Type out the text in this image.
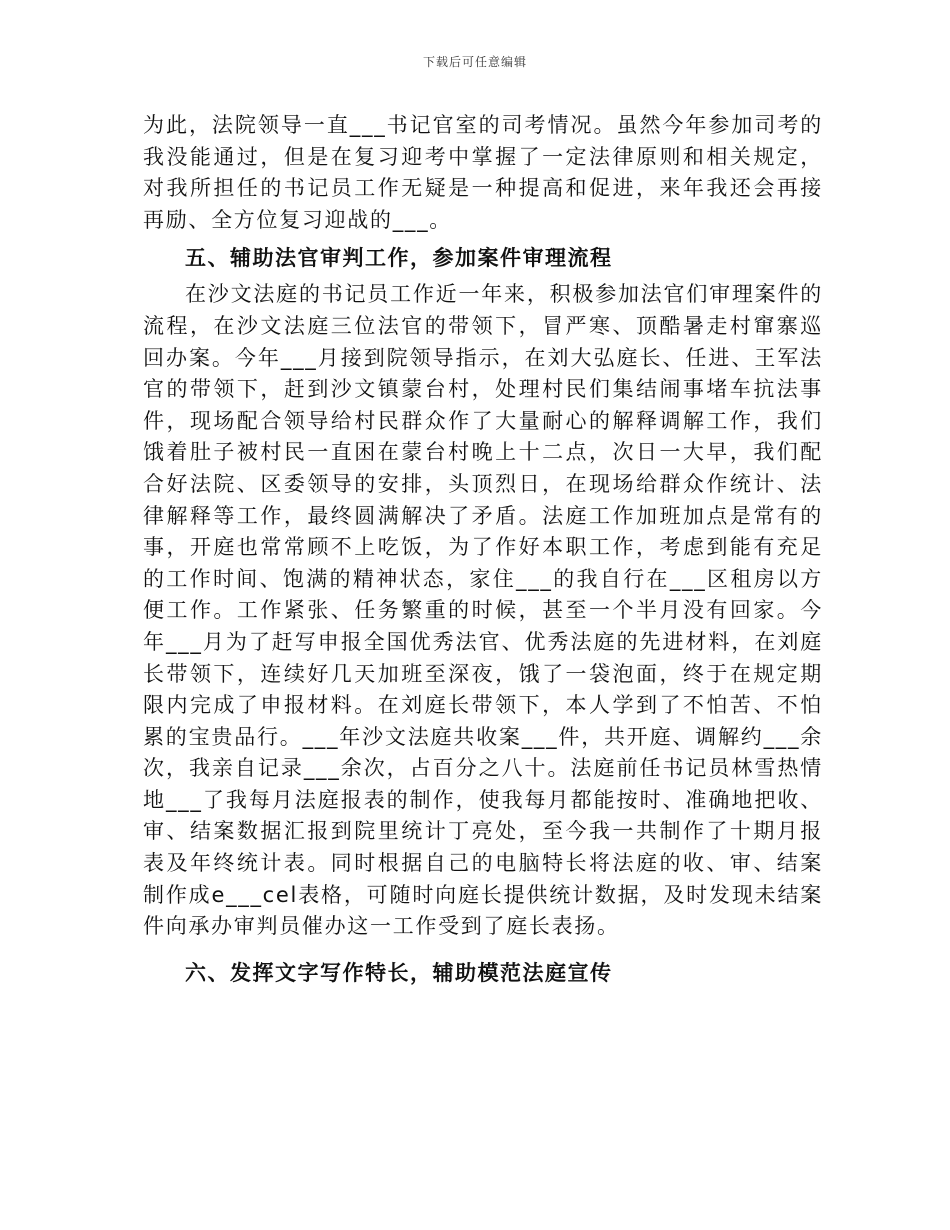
下载后可任意编辑

为此，法院领导一直___书记官室的司考情况。虽然今年参加司考的我没能通过，但是在复习迎考中掌握了一定法律原则和相关规定，对我所担任的书记员工作无疑是一种提高和促进，来年我还会再接再励、全方位复习迎战的___。

五、辅助法官审判工作，参加案件审理流程

在沙文法庭的书记员工作近一年来，积极参加法官们审理案件的流程，在沙文法庭三位法官的带领下，冒严寒、顶酷暑走村窜寨巡回办案。今年___月接到院领导指示，在刘大弘庭长、任进、王军法官的带领下，赶到沙文镇蒙台村，处理村民们集结闹事堵车抗法事件，现场配合领导给村民群众作了大量耐心的解释调解工作，我们饿着肚子被村民一直困在蒙台村晚上十二点，次日一大早，我们配合好法院、区委领导的安排，头顶烈日，在现场给群众作统计、法律解释等工作，最终圆满解决了矛盾。法庭工作加班加点是常有的事，开庭也常常顾不上吃饭，为了作好本职工作，考虑到能有充足的工作时间、饱满的精神状态，家住___的我自行在___区租房以方便工作。工作紧张、任务繁重的时候，甚至一个半月没有回家。今年___月为了赶写申报全国优秀法官、优秀法庭的先进材料，在刘庭长带领下，连续好几天加班至深夜，饿了一袋泡面，终于在规定期限内完成了申报材料。在刘庭长带领下，本人学到了不怕苦、不怕累的宝贵品行。___年沙文法庭共收案___件，共开庭、调解约___余次，我亲自记录___余次，占百分之八十。法庭前任书记员林雪热情地___了我每月法庭报表的制作，使我每月都能按时、准确地把收、审、结案数据汇报到院里统计丁亮处，至今我一共制作了十期月报表及年终统计表。同时根据自己的电脑特长将法庭的收、审、结案制作成e___cel表格，可随时向庭长提供统计数据，及时发现未结案件向承办审判员催办这一工作受到了庭长表扬。

六、发挥文字写作特长，辅助模范法庭宣传
